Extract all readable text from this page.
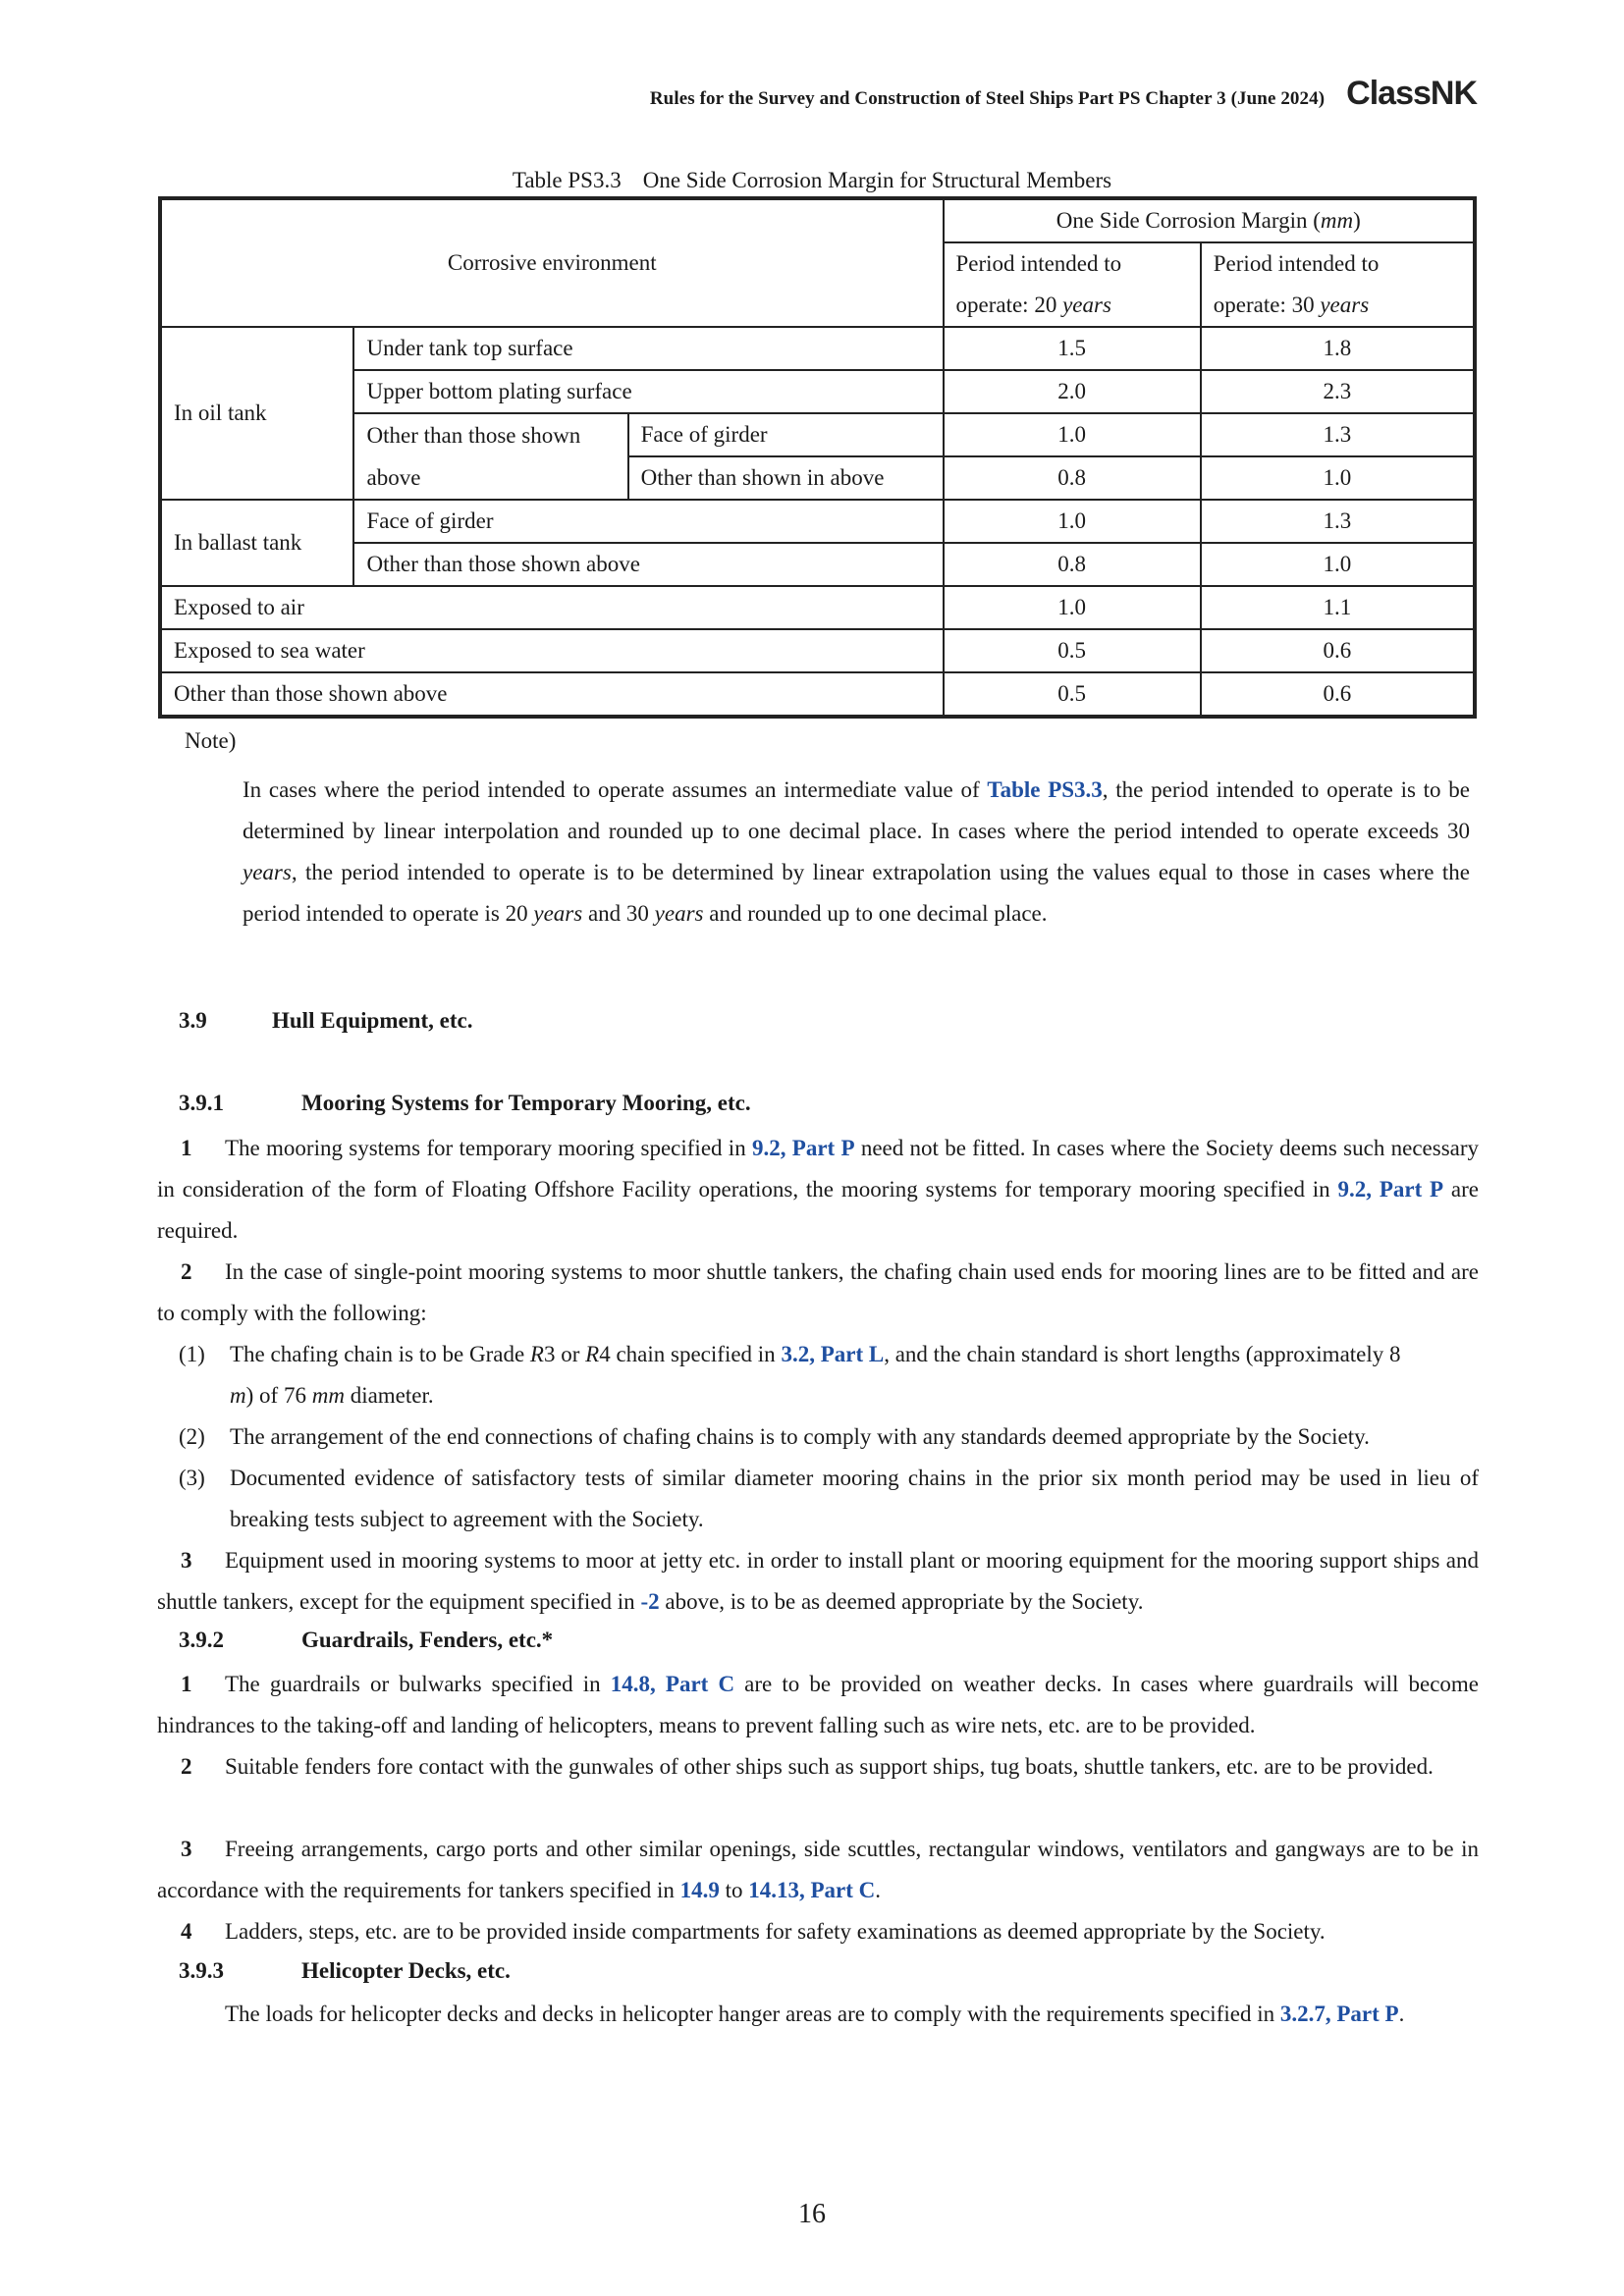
Rules for the Survey and Construction of Steel Ships Part PS Chapter 3 (June 2024) ClassNK
Table PS3.3 One Side Corrosion Margin for Structural Members
Corrosive environment			One Side Corrosion Margin (mm)	
			Period intended to	Period intended to
			operate: 20 years	operate: 30 years
In oil tank	Under tank top surface		1.5	1.8
	Upper bottom plating surface		2.0	2.3
	Other than those shown	Face of girder	1.0	1.3
	above	Other than shown in above	0.8	1.0
In ballast tank	Face of girder		1.0	1.3
	Other than those shown above		0.8	1.0
Exposed to air			1.0	1.1
Exposed to sea water			0.5	0.6
Other than those shown above			0.5	0.6
Note)
In cases where the period intended to operate assumes an intermediate value of Table PS3.3, the period intended to operate is to be determined by linear interpolation and rounded up to one decimal place. In cases where the period intended to operate exceeds 30 years, the period intended to operate is to be determined by linear extrapolation using the values equal to those in cases where the period intended to operate is 20 years and 30 years and rounded up to one decimal place.
3.9	Hull Equipment, etc.
3.9.1	Mooring Systems for Temporary Mooring, etc.
1 The mooring systems for temporary mooring specified in 9.2, Part P need not be fitted. In cases where the Society deems such necessary in consideration of the form of Floating Offshore Facility operations, the mooring systems for temporary mooring specified in 9.2, Part P are required.
2 In the case of single-point mooring systems to moor shuttle tankers, the chafing chain used ends for mooring lines are to be fitted and are to comply with the following:
(1) The chafing chain is to be Grade R3 or R4 chain specified in 3.2, Part L, and the chain standard is short lengths (approximately 8
m) of 76 mm diameter.
(2) The arrangement of the end connections of chafing chains is to comply with any standards deemed appropriate by the Society.
(3)	Documented evidence of satisfactory tests of similar diameter mooring chains in the prior six month period may be used in lieu of breaking tests subject to agreement with the Society.
3 Equipment used in mooring systems to moor at jetty etc. in order to install plant or mooring equipment for the mooring support ships and shuttle tankers, except for the equipment specified in -2 above, is to be as deemed appropriate by the Society.
3.9.2	Guardrails, Fenders, etc.*
1 The guardrails or bulwarks specified in 14.8, Part C are to be provided on weather decks. In cases where guardrails will become hindrances to the taking-off and landing of helicopters, means to prevent falling such as wire nets, etc. are to be provided.
2 Suitable fenders fore contact with the gunwales of other ships such as support ships, tug boats, shuttle tankers, etc. are to be provided.
3 Freeing arrangements, cargo ports and other similar openings, side scuttles, rectangular windows, ventilators and gangways are to be in accordance with the requirements for tankers specified in 14.9 to 14.13, Part C.
4 Ladders, steps, etc. are to be provided inside compartments for safety examinations as deemed appropriate by the Society.
3.9.3	Helicopter Decks, etc.
The loads for helicopter decks and decks in helicopter hanger areas are to comply with the requirements specified in 3.2.7, Part P.
16
